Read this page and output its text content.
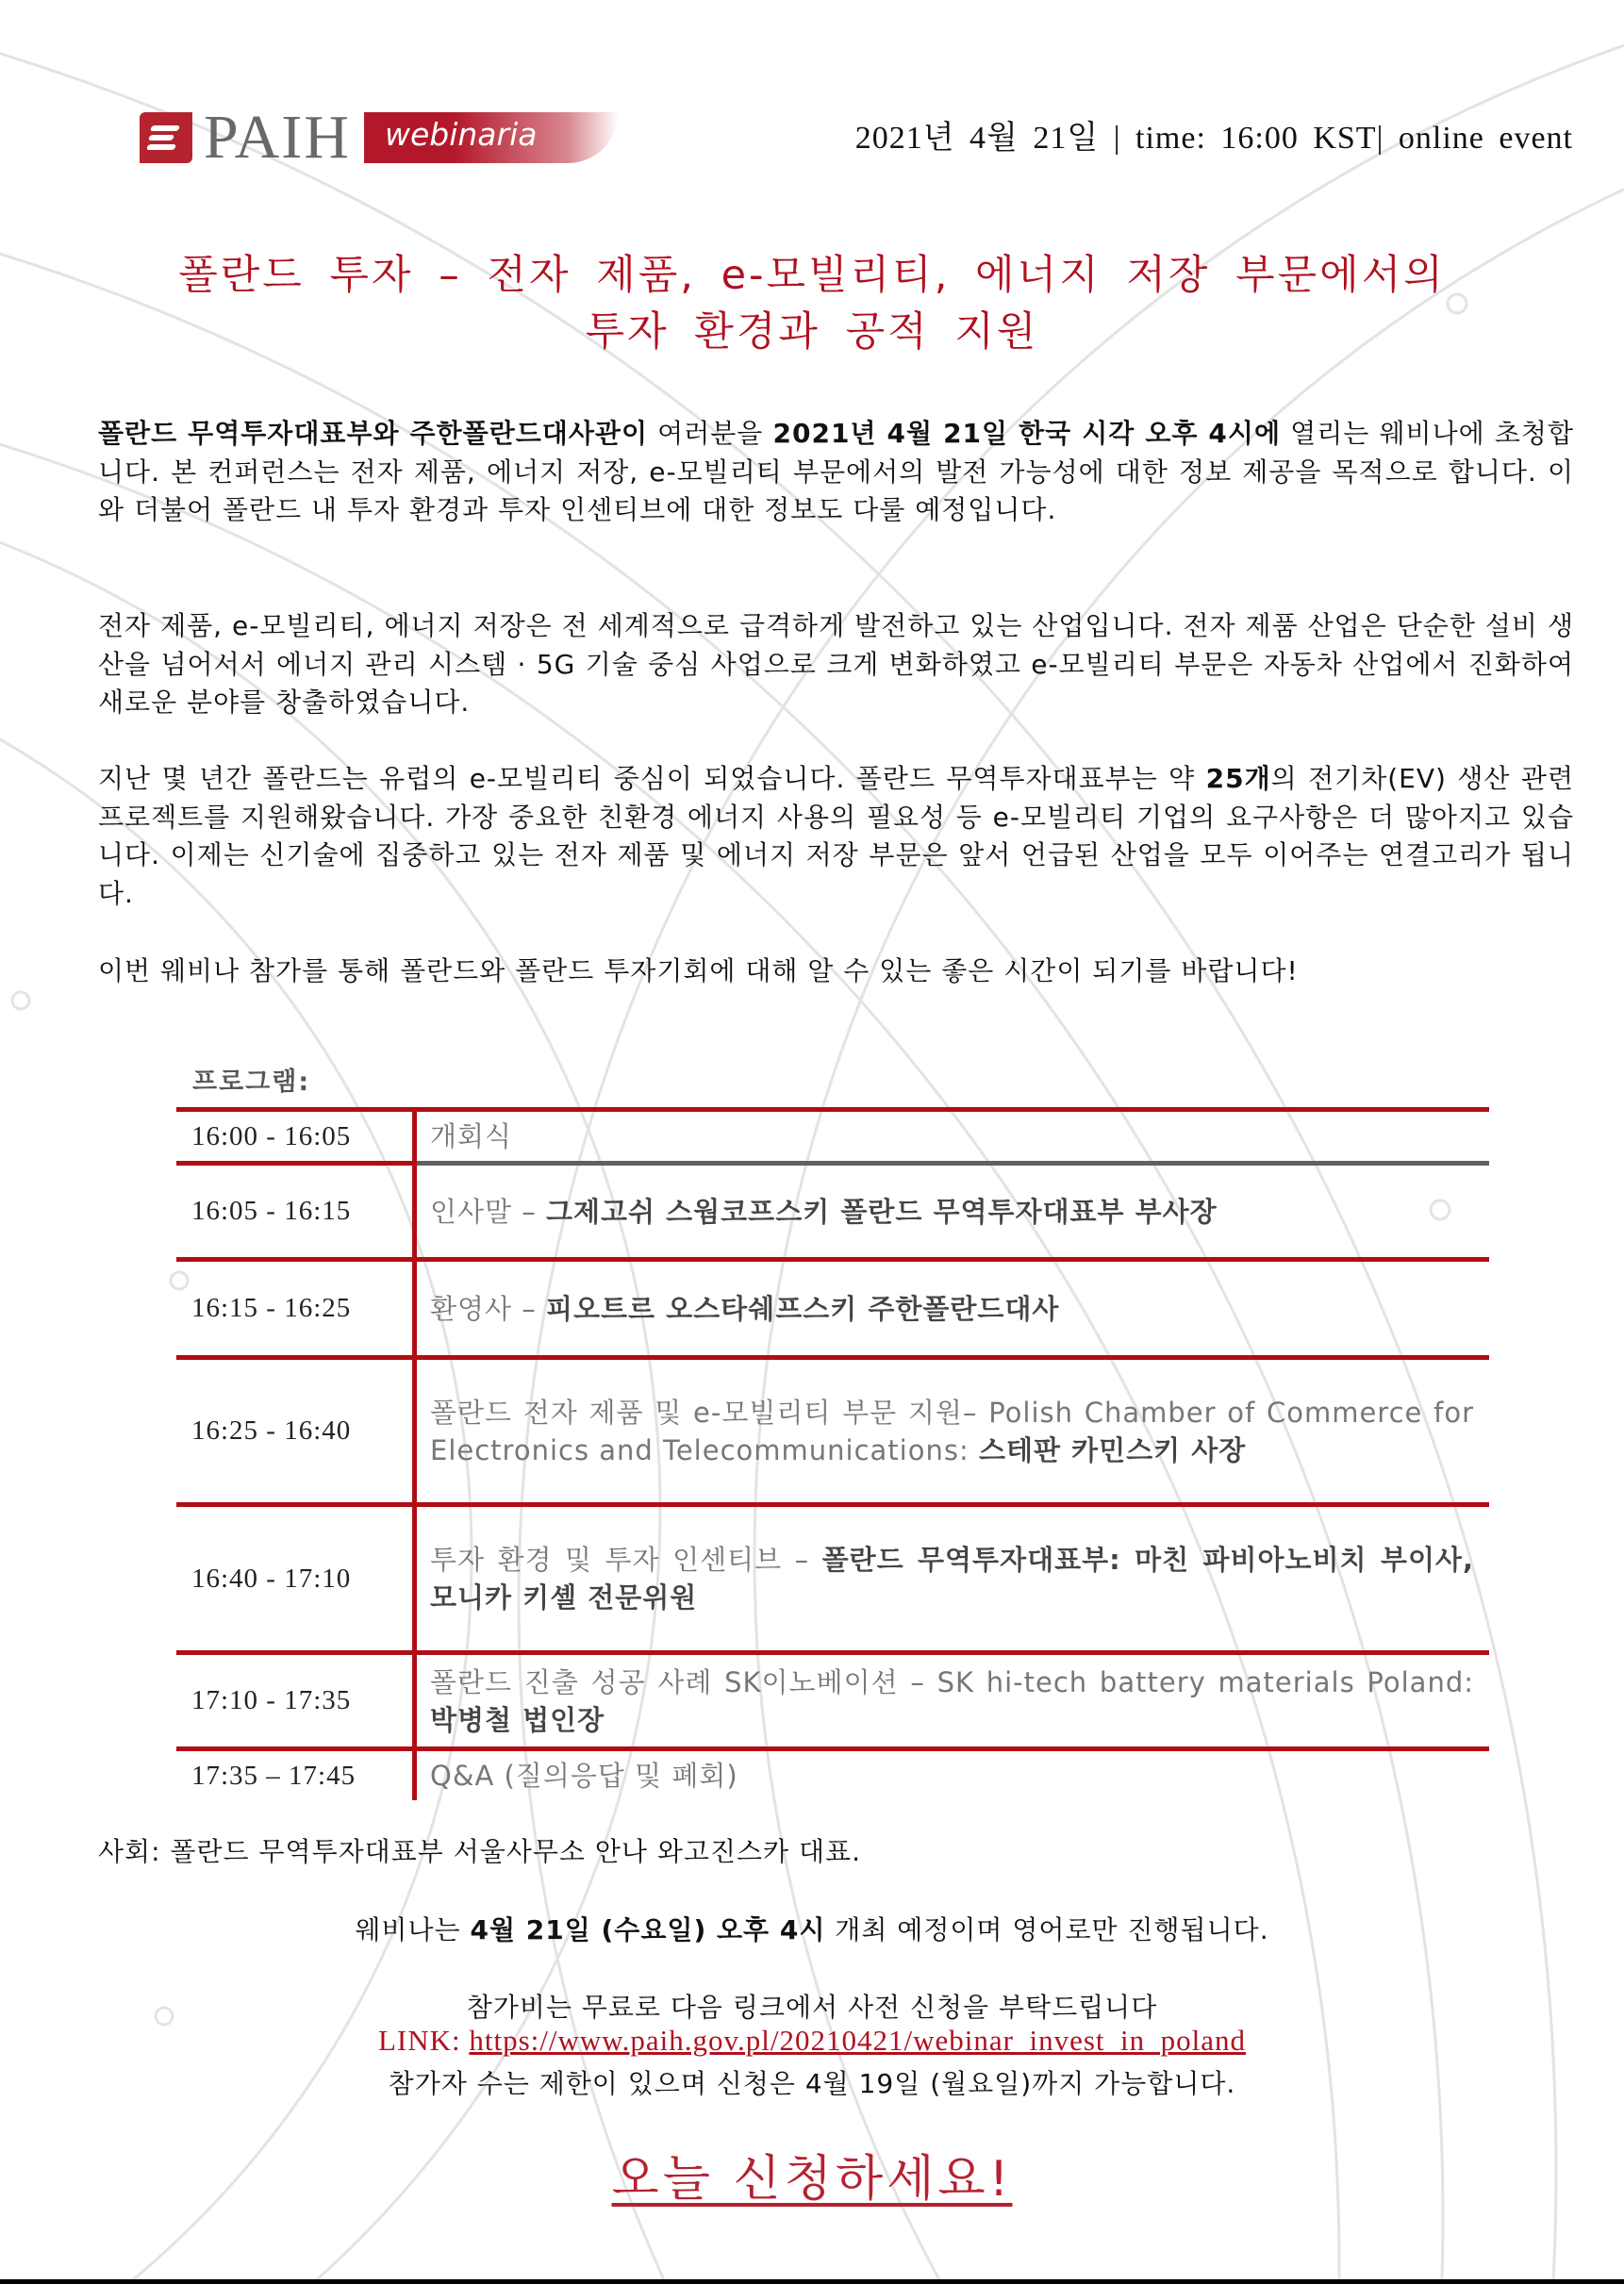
PAIH webinaria	2021년 4월 21일 | time: 16:00 KST| online event
폴란드 투자 – 전자 제품, e-모빌리티, 에너지 저장 부문에서의
투자 환경과 공적 지원
폴란드 무역투자대표부와 주한폴란드대사관이 여러분을 2021년 4월 21일 한국 시각 오후 4시에 열리는 웨비나에 초청합니다. 본 컨퍼런스는 전자 제품, 에너지 저장, e-모빌리티 부문에서의 발전 가능성에 대한 정보 제공을 목적으로 합니다. 이와 더불어 폴란드 내 투자 환경과 투자 인센티브에 대한 정보도 다룰 예정입니다.
전자 제품, e-모빌리티, 에너지 저장은 전 세계적으로 급격하게 발전하고 있는 산업입니다. 전자 제품 산업은 단순한 설비 생산을 넘어서서 에너지 관리 시스템 · 5G 기술 중심 사업으로 크게 변화하였고 e-모빌리티 부문은 자동차 산업에서 진화하여 새로운 분야를 창출하였습니다.
지난 몇 년간 폴란드는 유럽의 e-모빌리티 중심이 되었습니다. 폴란드 무역투자대표부는 약 25개의 전기차(EV) 생산 관련 프로젝트를 지원해왔습니다. 가장 중요한 친환경 에너지 사용의 필요성 등 e-모빌리티 기업의 요구사항은 더 많아지고 있습니다. 이제는 신기술에 집중하고 있는 전자 제품 및 에너지 저장 부문은 앞서 언급된 산업을 모두 이어주는 연결고리가 됩니다.
이번 웨비나 참가를 통해 폴란드와 폴란드 투자기회에 대해 알 수 있는 좋은 시간이 되기를 바랍니다!
프로그램:
16:00 - 16:05	개회식
16:05 - 16:15	인사말 – 그제고쉬 스웜코프스키 폴란드 무역투자대표부 부사장
16:15 - 16:25	환영사 – 피오트르 오스타쉐프스키 주한폴란드대사
16:25 - 16:40	폴란드 전자 제품 및 e-모빌리티 부문 지원– Polish Chamber of Commerce for Electronics and Telecommunications: 스테판 카민스키 사장
16:40 - 17:10	투자 환경 및 투자 인센티브 – 폴란드 무역투자대표부: 마친 파비아노비치 부이사, 모니카 키셸 전문위원
17:10 - 17:35	폴란드 진출 성공 사례 SK이노베이션 – SK hi-tech battery materials Poland: 박병철 법인장
17:35 – 17:45	Q&A (질의응답 및 폐회)
사회: 폴란드 무역투자대표부 서울사무소 안나 와고진스카 대표.
웨비나는 4월 21일 (수요일) 오후 4시 개최 예정이며 영어로만 진행됩니다.
참가비는 무료로 다음 링크에서 사전 신청을 부탁드립니다
LINK: https://www.paih.gov.pl/20210421/webinar_invest_in_poland
참가자 수는 제한이 있으며 신청은 4월 19일 (월요일)까지 가능합니다.
오늘 신청하세요!
